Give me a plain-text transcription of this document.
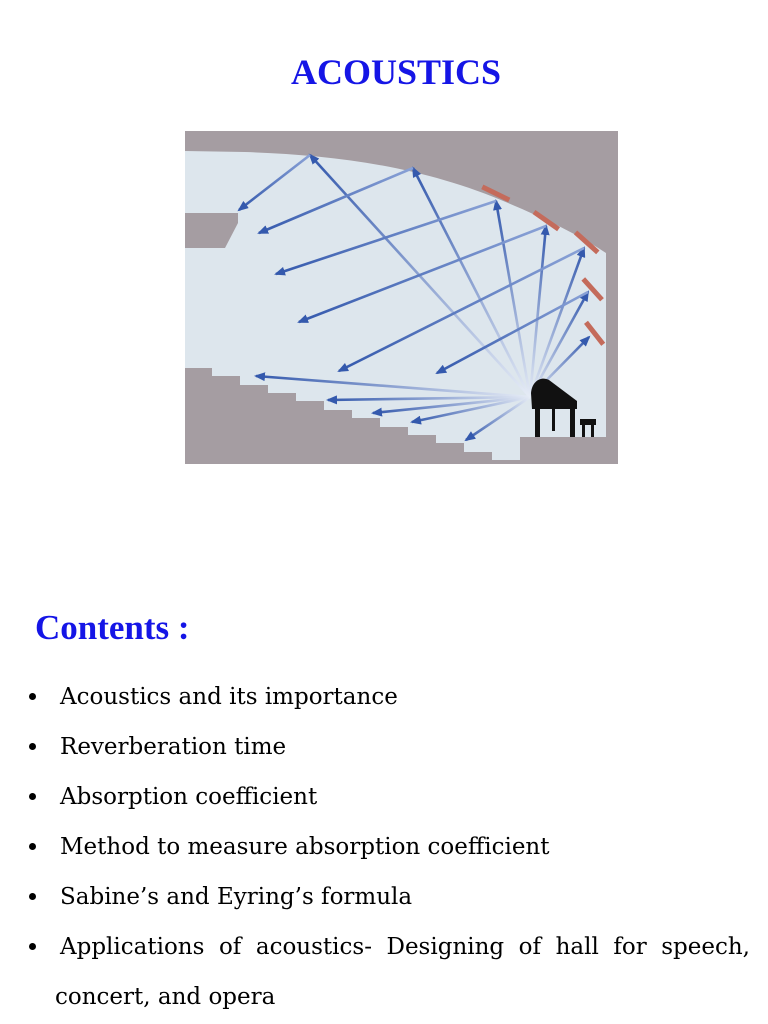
ACOUSTICS
Contents :
Acoustics and its importance
Reverberation time
Absorption coefficient
Method to measure absorption coefficient
Sabine’s and Eyring’s formula
Applications of acoustics- Designing of hall for speech, concert, and opera
